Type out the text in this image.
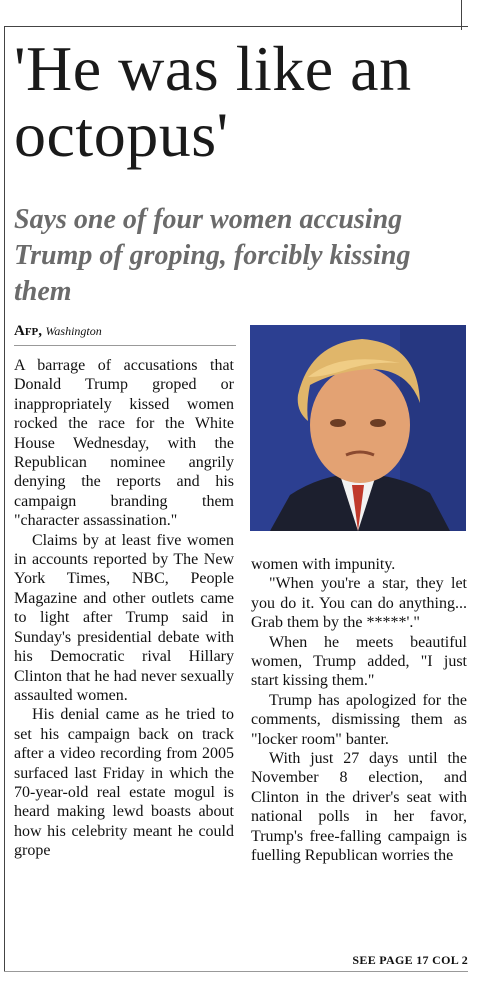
'He was like an octopus'
Says one of four women accusing Trump of groping, forcibly kissing them
Afp, Washington

A barrage of accusations that Donald Trump groped or inappropriately kissed women rocked the race for the White House Wednesday, with the Republican nominee angrily denying the reports and his campaign branding them "character assassination."

Claims by at least five women in accounts reported by The New York Times, NBC, People Magazine and other outlets came to light after Trump said in Sunday's presidential debate with his Democratic rival Hillary Clinton that he had never sexually assaulted women.

His denial came as he tried to set his campaign back on track after a video recording from 2005 surfaced last Friday in which the 70-year-old real estate mogul is heard making lewd boasts about how his celebrity meant he could grope

women with impunity.

"When you're a star, they let you do it. You can do anything... Grab them by the *****'."

When he meets beautiful women, Trump added, "I just start kissing them."

Trump has apologized for the comments, dismissing them as "locker room" banter.

With just 27 days until the November 8 election, and Clinton in the driver's seat with national polls in her favor, Trump's free-falling campaign is fuelling Republican worries the

SEE PAGE 17 COL 2
